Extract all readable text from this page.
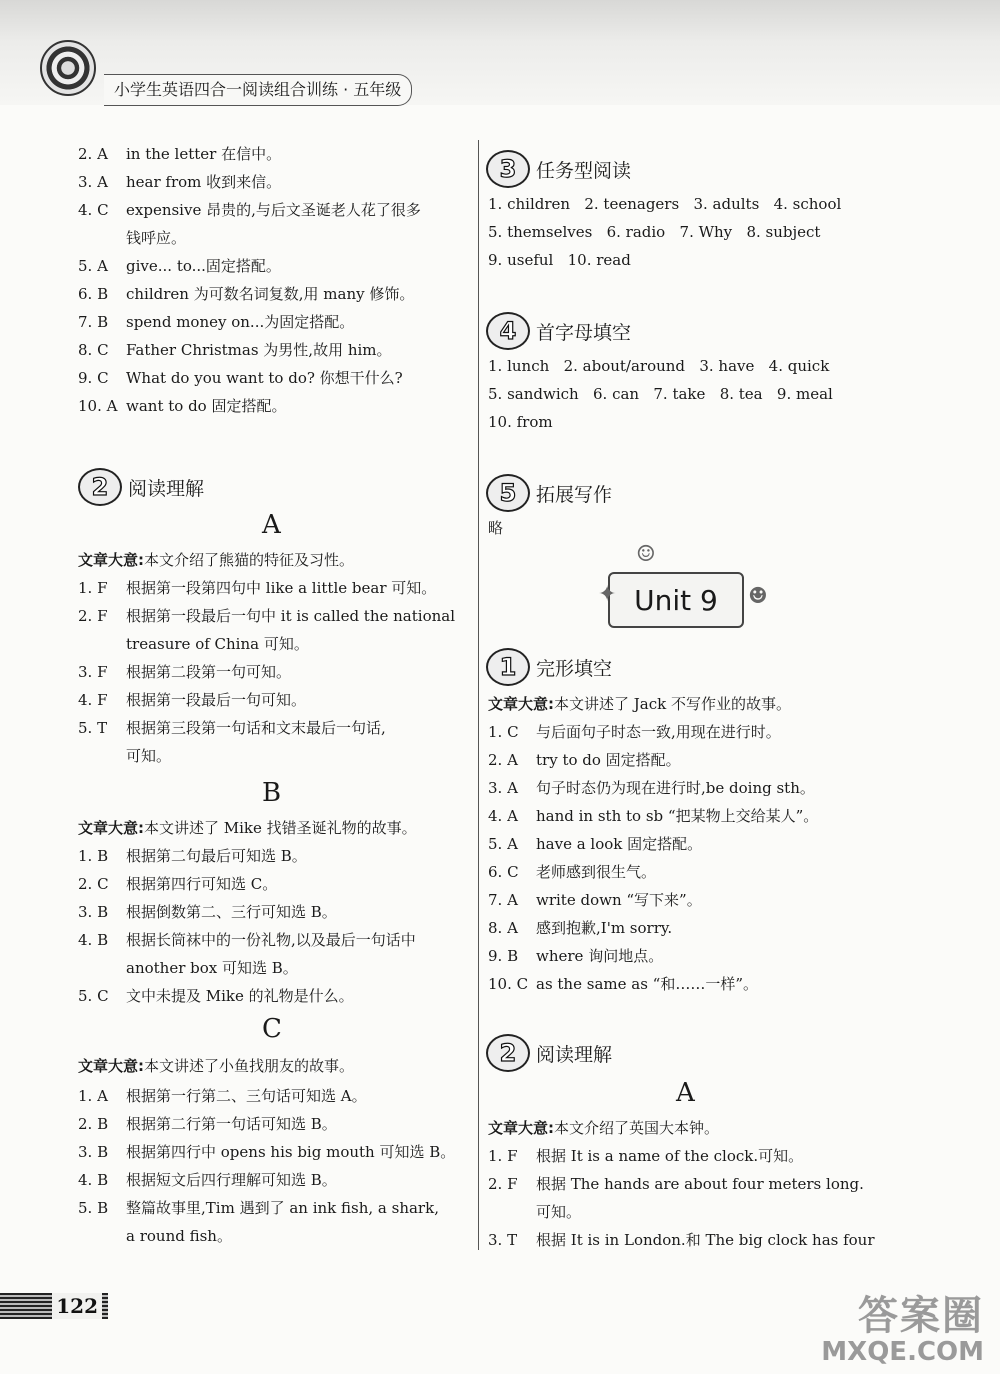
小学生英语四合一阅读组合训练 · 五年级
2. A in the letter 在信中。
3. A hear from 收到来信。
4. C expensive 昂贵的,与后文圣诞老人花了很多
钱呼应。
5. A give... to...固定搭配。
6. B children 为可数名词复数,用 many 修饰。
7. B spend money on...为固定搭配。
8. C Father Christmas 为男性,故用 him。
9. C What do you want to do? 你想干什么?
10. A want to do 固定搭配。
2	阅读理解
A
文章大意:本文介绍了熊猫的特征及习性。
1. F 根据第一段第四句中 like a little bear 可知。
2. F 根据第一段最后一句中 it is called the national
treasure of China 可知。
3. F 根据第二段第一句可知。
4. F 根据第一段最后一句可知。
5. T 根据第三段第一句话和文末最后一句话,
可知。
B
文章大意:本文讲述了 Mike 找错圣诞礼物的故事。
1. B 根据第二句最后可知选 B。
2. C 根据第四行可知选 C。
3. B 根据倒数第二、三行可知选 B。
4. B 根据长筒袜中的一份礼物,以及最后一句话中
another box 可知选 B。
5. C 文中未提及 Mike 的礼物是什么。
C
文章大意:本文讲述了小鱼找朋友的故事。
1. A 根据第一行第二、三句话可知选 A。
2. B 根据第二行第一句话可知选 B。
3. B 根据第四行中 opens his big mouth 可知选 B。
4. B 根据短文后四行理解可知选 B。
5. B 整篇故事里,Tim 遇到了 an ink fish, a shark,
a round fish。
3	任务型阅读
1. children   2. teenagers   3. adults   4. school
5. themselves   6. radio   7. Why   8. subject
9. useful   10. read
4	首字母填空
1. lunch   2. about/around   3. have   4. quick
5. sandwich   6. can   7. take   8. tea   9. meal
10. from
5	拓展写作
略
1	完形填空
文章大意:本文讲述了 Jack 不写作业的故事。
1. C 与后面句子时态一致,用现在进行时。
2. A try to do 固定搭配。
3. A 句子时态仍为现在进行时,be doing sth。
4. A hand in sth to sb “把某物上交给某人”。
5. A have a look 固定搭配。
6. C 老师感到很生气。
7. A write down “写下来”。
8. A 感到抱歉,I'm sorry.
9. B where 询问地点。
10. C as the same as “和……一样”。
2	阅读理解
A
文章大意:本文介绍了英国大本钟。
1. F 根据 It is a name of the clock.可知。
2. F 根据 The hands are about four meters long.
可知。
3. T 根据 It is in London.和 The big clock has four
Unit 9
✦
☺
☻
122	答案圈
MXQE.COM
